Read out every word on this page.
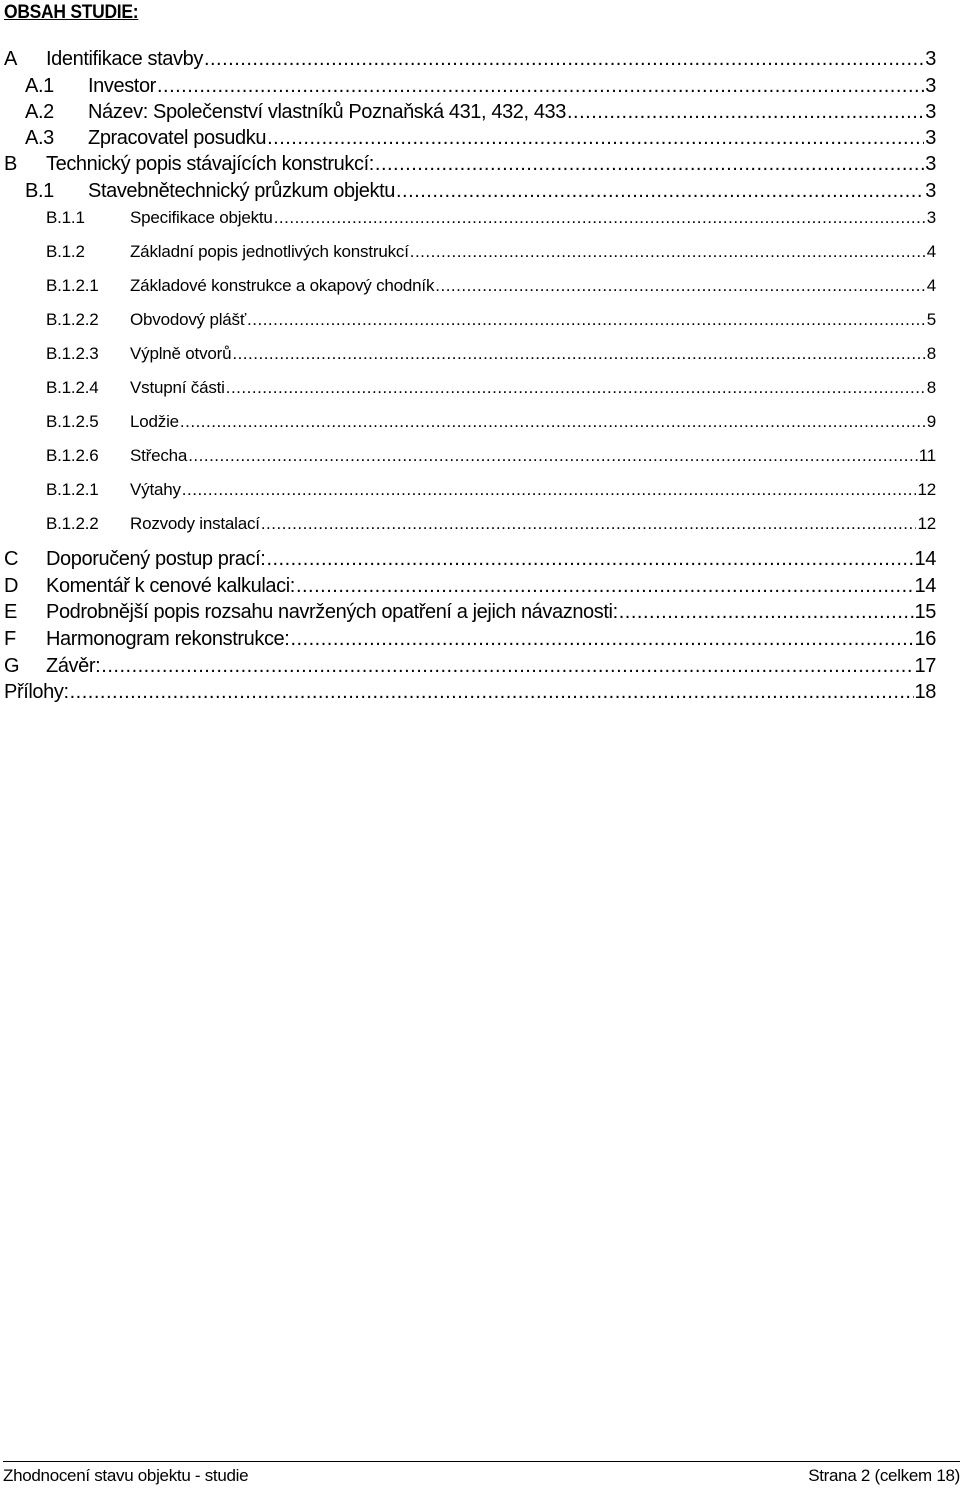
OBSAH STUDIE:
A	Identifikace stavby .....	3
A.1	Investor .....	3
A.2	Název: Společenství vlastníků Poznaňská 431, 432, 433 .....	3
A.3	Zpracovatel posudku .....	3
B	Technický popis stávajících konstrukcí: .....	3
B.1	Stavebnětechnický průzkum objektu .....	3
B.1.1	Specifikace objektu .....	3
B.1.2	Základní popis jednotlivých konstrukcí .....	4
B.1.2.1	Základové konstrukce a okapový chodník .....	4
B.1.2.2	Obvodový plášť .....	5
B.1.2.3	Výplně otvorů .....	8
B.1.2.4	Vstupní části .....	8
B.1.2.5	Lodžie .....	9
B.1.2.6	Střecha .....	11
B.1.2.1	Výtahy .....	12
B.1.2.2	Rozvody instalací .....	12
C	Doporučený postup prací: .....	14
D	Komentář k cenové kalkulaci: .....	14
E	Podrobnější popis rozsahu navržených opatření a jejich návaznosti: .....	15
F	Harmonogram rekonstrukce: .....	16
G	Závěr: .....	17
Přílohy: .....	18
Zhodnocení stavu objektu - studie	Strana 2 (celkem 18)
